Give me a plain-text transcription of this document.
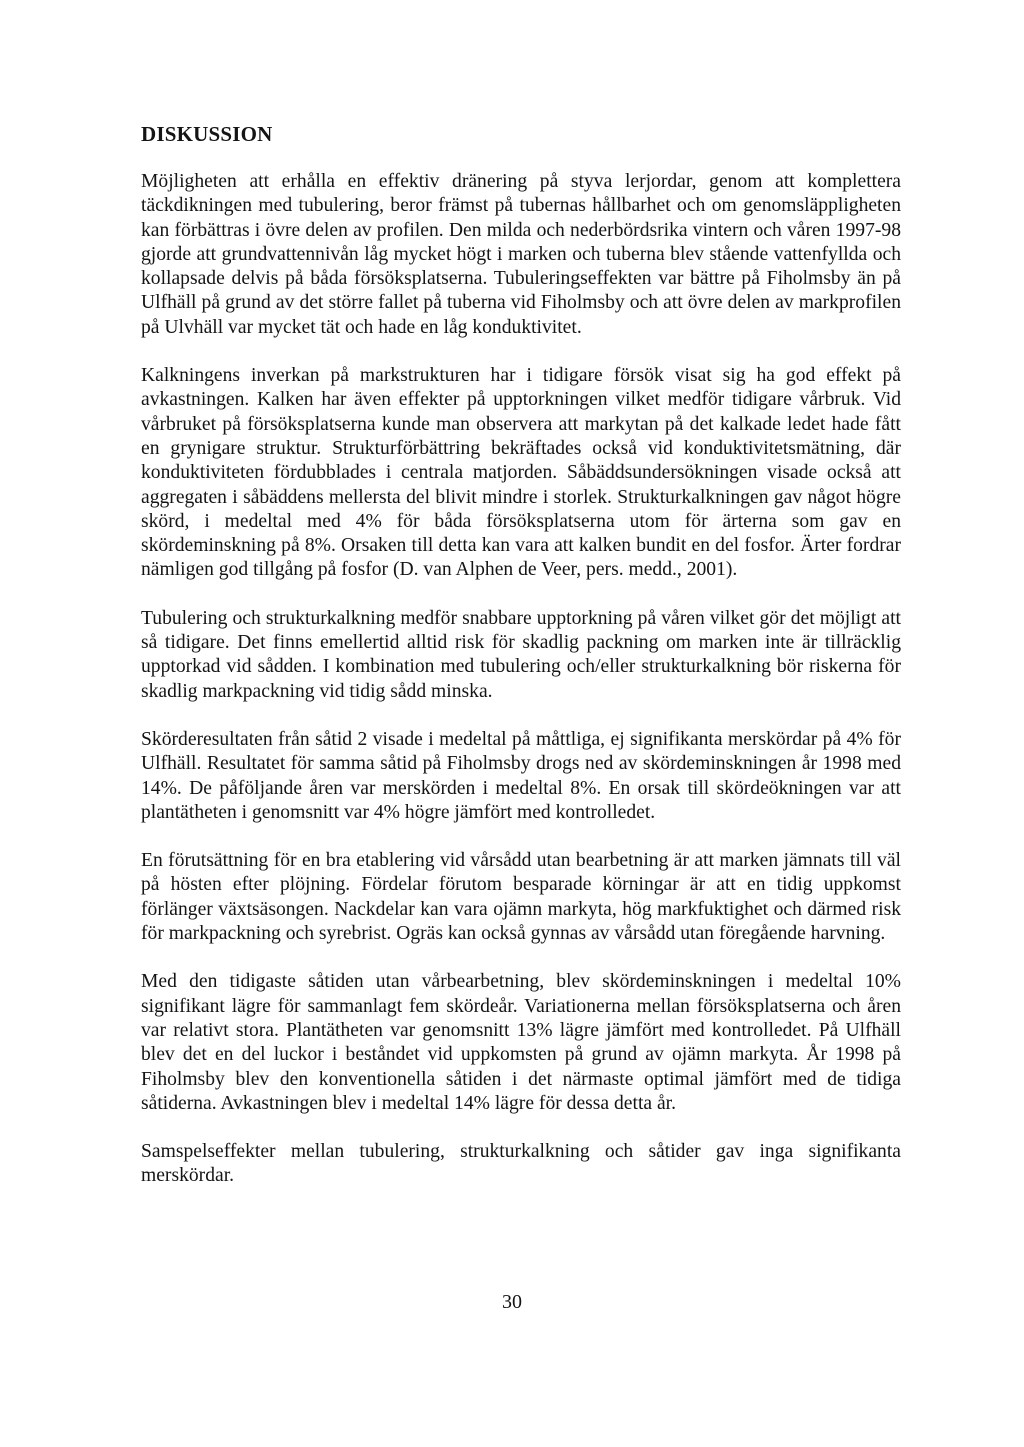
DISKUSSION

Möjligheten att erhålla en effektiv dränering på styva lerjordar, genom att komplettera täckdikningen med tubulering, beror främst på tubernas hållbarhet och om genomsläppligheten kan förbättras i övre delen av profilen. Den milda och nederbördsrika vintern och våren 1997-98 gjorde att grundvattennivån låg mycket högt i marken och tuberna blev stående vattenfyllda och kollapsade delvis på båda försöksplatserna. Tubuleringseffekten var bättre på Fiholmsby än på Ulfhäll på grund av det större fallet på tuberna vid Fiholmsby och att övre delen av markprofilen på Ulvhäll var mycket tät och hade en låg konduktivitet.

Kalkningens inverkan på markstrukturen har i tidigare försök visat sig ha god effekt på avkastningen. Kalken har även effekter på upptorkningen vilket medför tidigare vårbruk. Vid vårbruket på försöksplatserna kunde man observera att markytan på det kalkade ledet hade fått en grynigare struktur. Strukturförbättring bekräftades också vid konduktivitetsmätning, där konduktiviteten fördubblades i centrala matjorden. Såbäddsundersökningen visade också att aggregaten i såbäddens mellersta del blivit mindre i storlek. Strukturkalkningen gav något högre skörd, i medeltal med 4% för båda försöksplatserna utom för ärterna som gav en skördeminskning på 8%. Orsaken till detta kan vara att kalken bundit en del fosfor. Ärter fordrar nämligen god tillgång på fosfor (D. van Alphen de Veer, pers. medd., 2001).

Tubulering och strukturkalkning medför snabbare upptorkning på våren vilket gör det möjligt att så tidigare. Det finns emellertid alltid risk för skadlig packning om marken inte är tillräcklig upptorkad vid sådden. I kombination med tubulering och/eller strukturkalkning bör riskerna för skadlig markpackning vid tidig sådd minska.

Skörderesultaten från såtid 2 visade i medeltal på måttliga, ej signifikanta merskördar på 4% för Ulfhäll. Resultatet för samma såtid på Fiholmsby drogs ned av skördeminskningen år 1998 med 14%. De påföljande åren var merskörden i medeltal 8%. En orsak till skördeökningen var att plantätheten i genomsnitt var 4% högre jämfört med kontrolledet.

En förutsättning för en bra etablering vid vårsådd utan bearbetning är att marken jämnats till väl på hösten efter plöjning. Fördelar förutom besparade körningar är att en tidig uppkomst förlänger växtsäsongen. Nackdelar kan vara ojämn markyta, hög markfuktighet och därmed risk för markpackning och syrebrist. Ogräs kan också gynnas av vårsådd utan föregående harvning.

Med den tidigaste såtiden utan vårbearbetning, blev skördeminskningen i medeltal 10% signifikant lägre för sammanlagt fem skördeår. Variationerna mellan försöksplatserna och åren var relativt stora. Plantätheten var genomsnitt 13% lägre jämfört med kontrolledet. På Ulfhäll blev det en del luckor i beståndet vid uppkomsten på grund av ojämn markyta. År 1998 på Fiholmsby blev den konventionella såtiden i det närmaste optimal jämfört med de tidiga såtiderna. Avkastningen blev i medeltal 14% lägre för dessa detta år.

Samspelseffekter mellan tubulering, strukturkalkning och såtider gav inga signifikanta merskördar.

30
